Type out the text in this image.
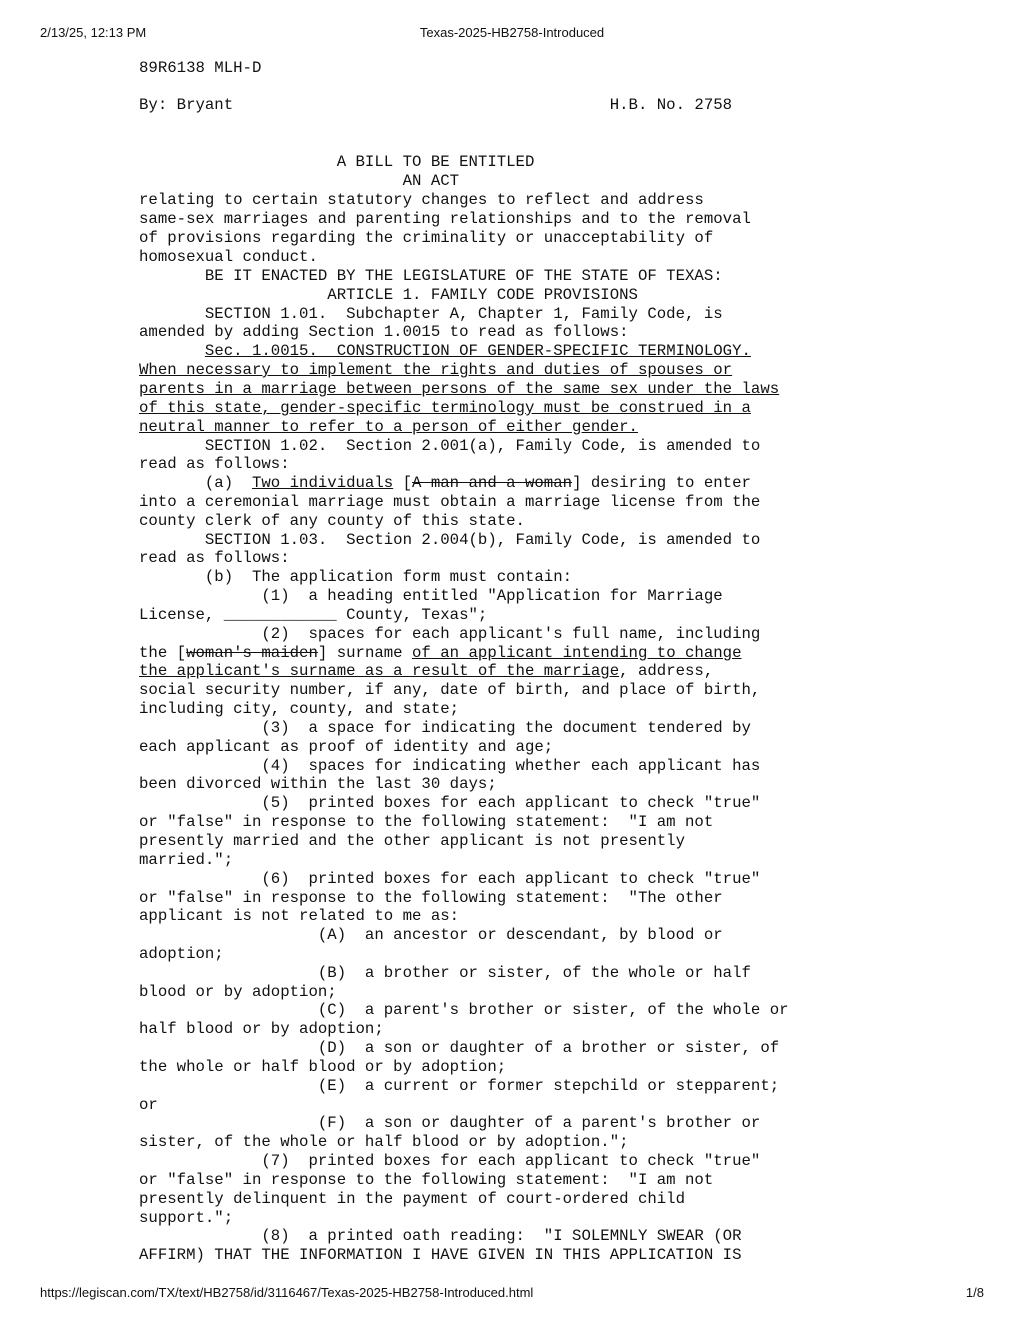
2/13/25, 12:13 PM	Texas-2025-HB2758-Introduced
89R6138 MLH-D
By: Bryant                                        H.B. No. 2758
A BILL TO BE ENTITLED
AN ACT
relating to certain statutory changes to reflect and address
same-sex marriages and parenting relationships and to the removal
of provisions regarding the criminality or unacceptability of
homosexual conduct.
BE IT ENACTED BY THE LEGISLATURE OF THE STATE OF TEXAS:
ARTICLE 1. FAMILY CODE PROVISIONS
SECTION 1.01.  Subchapter A, Chapter 1, Family Code, is
amended by adding Section 1.0015 to read as follows:
Sec. 1.0015.  CONSTRUCTION OF GENDER-SPECIFIC TERMINOLOGY.
When necessary to implement the rights and duties of spouses or
parents in a marriage between persons of the same sex under the laws
of this state, gender-specific terminology must be construed in a
neutral manner to refer to a person of either gender.
SECTION 1.02.  Section 2.001(a), Family Code, is amended to
read as follows:
(a)  Two individuals [A man and a woman] desiring to enter
into a ceremonial marriage must obtain a marriage license from the
county clerk of any county of this state.
SECTION 1.03.  Section 2.004(b), Family Code, is amended to
read as follows:
(b)  The application form must contain:
(1)  a heading entitled "Application for Marriage
License, ____________ County, Texas";
(2)  spaces for each applicant's full name, including
the [woman's maiden] surname of an applicant intending to change
the applicant's surname as a result of the marriage, address,
social security number, if any, date of birth, and place of birth,
including city, county, and state;
(3)  a space for indicating the document tendered by
each applicant as proof of identity and age;
(4)  spaces for indicating whether each applicant has
been divorced within the last 30 days;
(5)  printed boxes for each applicant to check "true"
or "false" in response to the following statement:  "I am not
presently married and the other applicant is not presently
married.";
(6)  printed boxes for each applicant to check "true"
or "false" in response to the following statement:  "The other
applicant is not related to me as:
(A)  an ancestor or descendant, by blood or
adoption;
(B)  a brother or sister, of the whole or half
blood or by adoption;
(C)  a parent's brother or sister, of the whole or
half blood or by adoption;
(D)  a son or daughter of a brother or sister, of
the whole or half blood or by adoption;
(E)  a current or former stepchild or stepparent;
or
(F)  a son or daughter of a parent's brother or
sister, of the whole or half blood or by adoption.";
(7)  printed boxes for each applicant to check "true"
or "false" in response to the following statement:  "I am not
presently delinquent in the payment of court-ordered child
support.";
(8)  a printed oath reading:  "I SOLEMNLY SWEAR (OR
AFFIRM) THAT THE INFORMATION I HAVE GIVEN IN THIS APPLICATION IS
https://legiscan.com/TX/text/HB2758/id/3116467/Texas-2025-HB2758-Introduced.html	1/8
